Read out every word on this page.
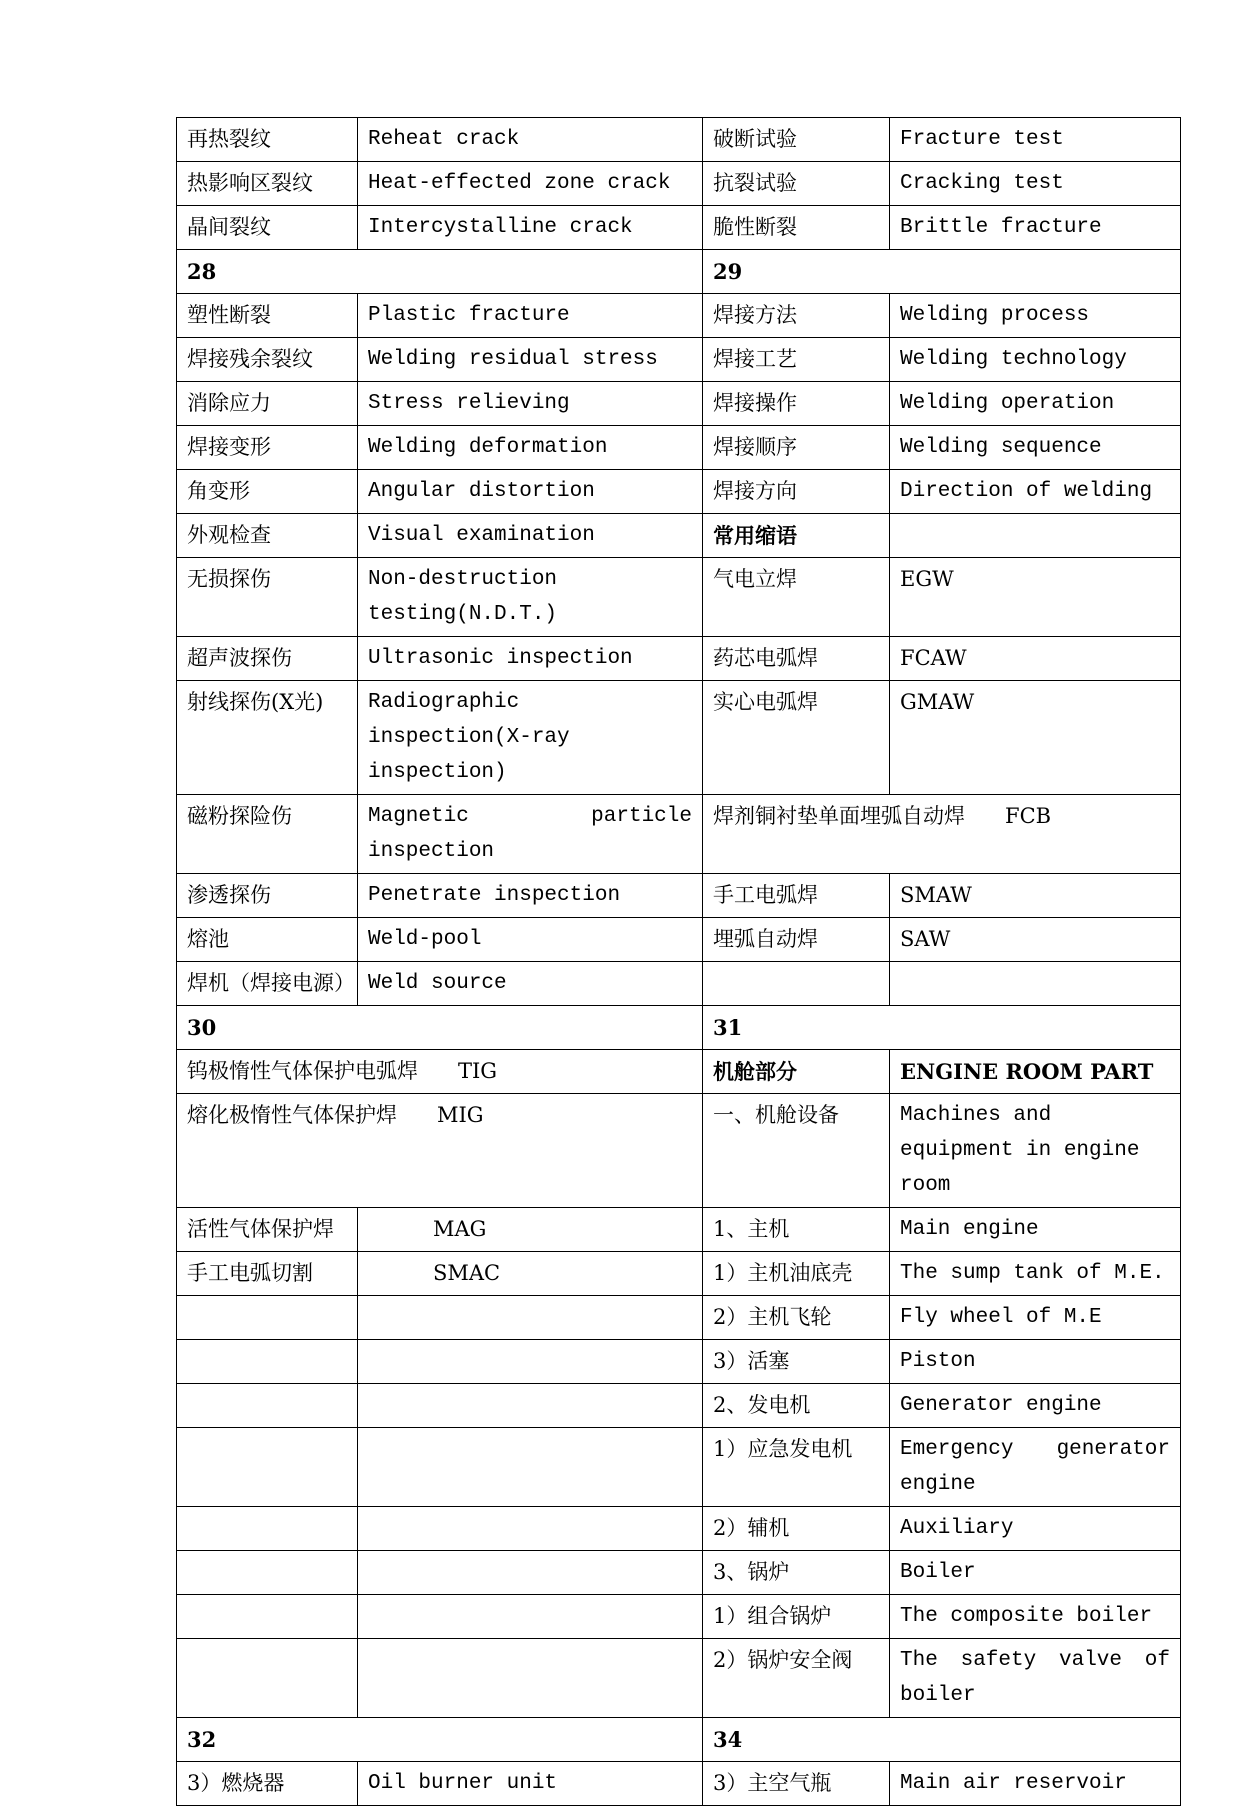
再热裂纹	Reheat crack	破断试验	Fracture test
热影响区裂纹	Heat-effected zone crack	抗裂试验	Cracking test
晶间裂纹	Intercystalline crack	脆性断裂	Brittle fracture
28		29	
塑性断裂	Plastic fracture	焊接方法	Welding process
焊接残余裂纹	Welding residual stress	焊接工艺	Welding technology
消除应力	Stress relieving	焊接操作	Welding operation
焊接变形	Welding deformation	焊接顺序	Welding sequence
角变形	Angular distortion	焊接方向	Direction of welding
外观检查	Visual examination	常用缩语	
无损探伤	Non-destruction testing(N.D.T.)	气电立焊	EGW
超声波探伤	Ultrasonic inspection	药芯电弧焊	FCAW
射线探伤(X光)	Radiographic inspection(X-ray inspection)	实心电弧焊	GMAW
磁粉探险伤	Magnetic particle inspection	焊剂铜衬垫单面埋弧自动焊 FCB	
渗透探伤	Penetrate inspection	手工电弧焊	SMAW
熔池	Weld-pool	埋弧自动焊	SAW
焊机（焊接电源）	Weld source		
30		31	
钨极惰性气体保护电弧焊 TIG		机舱部分	ENGINE ROOM PART
熔化极惰性气体保护焊 MIG		一、机舱设备	Machines and equipment in engine room
活性气体保护焊	MAG	1、主机	Main engine
手工电弧切割	SMAC	1）主机油底壳	The sump tank of M.E.
		2）主机飞轮	Fly wheel of M.E
		3）活塞	Piston
		2、发电机	Generator engine
		1）应急发电机	Emergency generator engine
		2）辅机	Auxiliary
		3、锅炉	Boiler
		1）组合锅炉	The composite boiler
		2）锅炉安全阀	The safety valve of boiler
32		34	
3）燃烧器	Oil burner unit	3）主空气瓶	Main air reservoir
